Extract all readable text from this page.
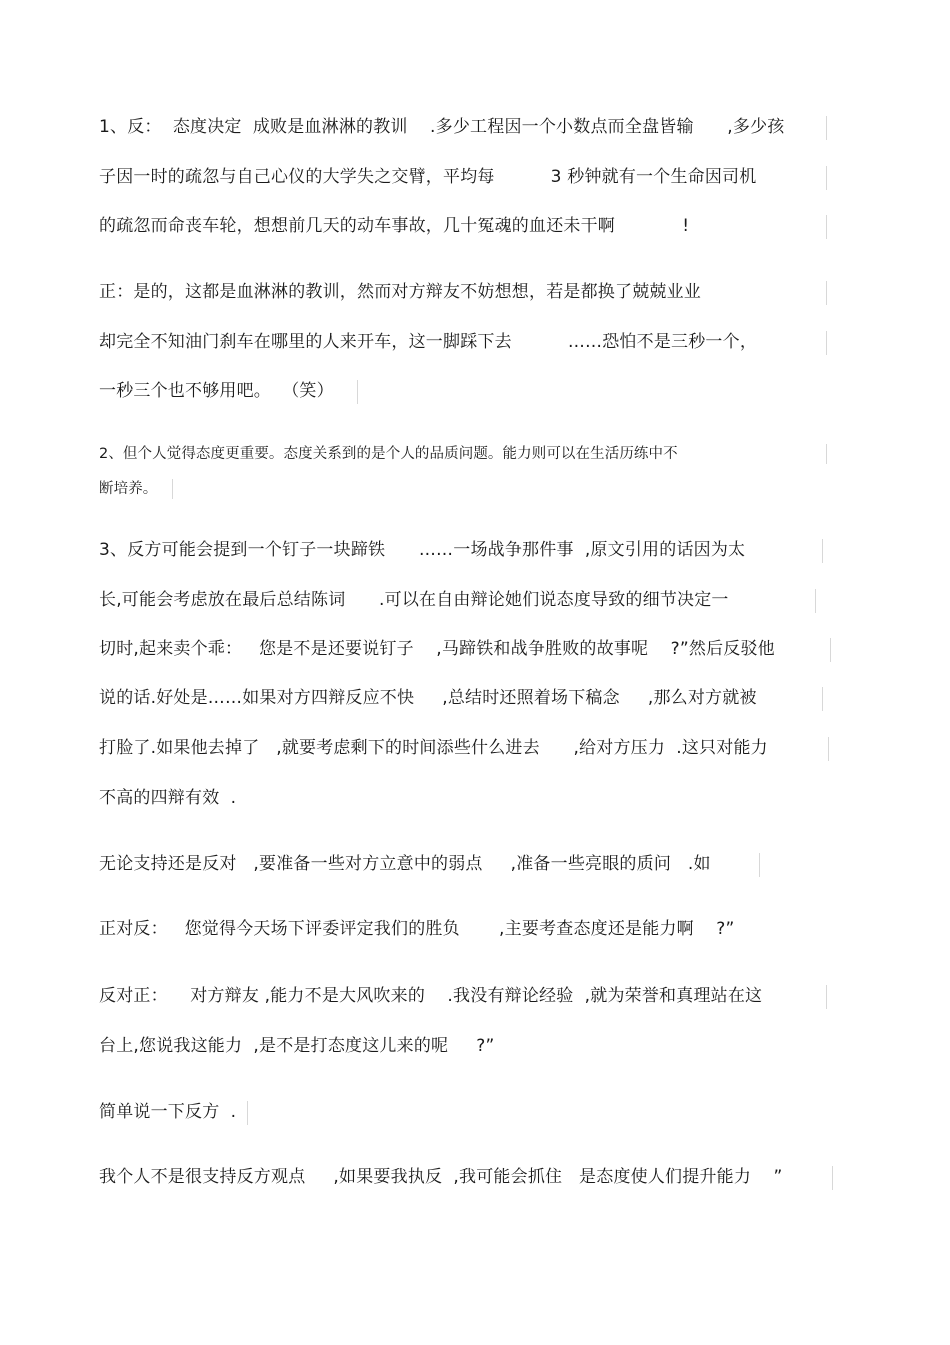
1、反：  态度决定  成败是血淋淋的教训    .多少工程因一个小数点而全盘皆输      ,多少孩
子因一时的疏忽与自己心仪的大学失之交臂，平均每          3 秒钟就有一个生命因司机
的疏忽而命丧车轮，想想前几天的动车事故，几十冤魂的血还未干啊            !
正：是的，这都是血淋淋的教训，然而对方辩友不妨想想，若是都换了兢兢业业
却完全不知油门刹车在哪里的人来开车，这一脚踩下去          ……恐怕不是三秒一个，
一秒三个也不够用吧。  （笑）
2、但个人觉得态度更重要。态度关系到的是个人的品质问题。能力则可以在生活历练中不
断培养。
3、反方可能会提到一个钉子一块蹄铁      ……一场战争那件事  ,原文引用的话因为太
长,可能会考虑放在最后总结陈词      .可以在自由辩论她们说态度导致的细节决定一
切时,起来卖个乖：   您是不是还要说钉子    ,马蹄铁和战争胜败的故事呢    ?”然后反驳他
说的话.好处是……如果对方四辩反应不快     ,总结时还照着场下稿念     ,那么对方就被
打脸了.如果他去掉了   ,就要考虑剩下的时间添些什么进去      ,给对方压力  .这只对能力
不高的四辩有效  .
无论支持还是反对   ,要准备一些对方立意中的弱点     ,准备一些亮眼的质问   .如
正对反：   您觉得今天场下评委评定我们的胜负       ,主要考查态度还是能力啊    ?”
反对正：    对方辩友 ,能力不是大风吹来的    .我没有辩论经验  ,就为荣誉和真理站在这
台上,您说我这能力  ,是不是打态度这儿来的呢     ?”
简单说一下反方  .
我个人不是很支持反方观点     ,如果要我执反  ,我可能会抓住   是态度使人们提升能力    ”
